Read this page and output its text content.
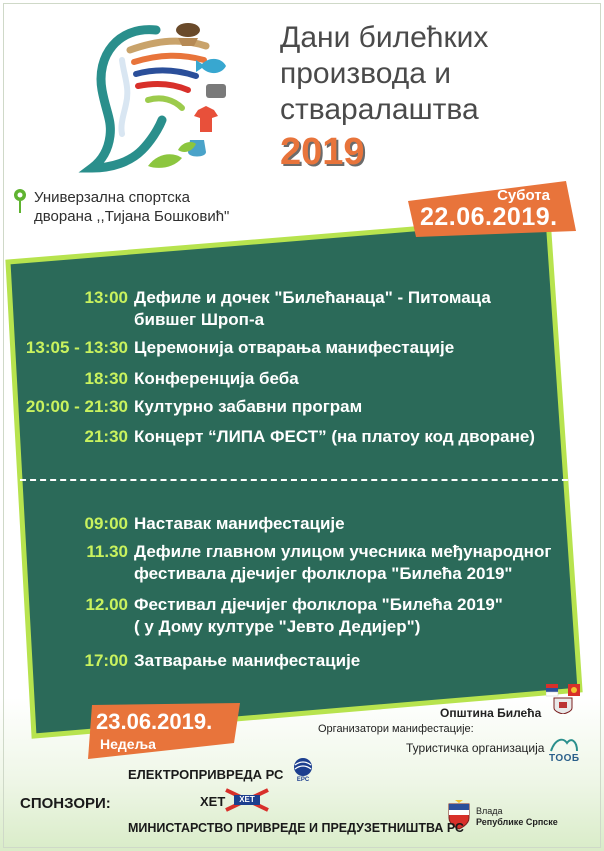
Дани билећких
производа и
стваралаштва
2019
Универзална спортска
дворана ,,Тијана Бошковић"
Субота
22.06.2019.
23.06.2019.
Недеља
13:00 Дефиле и дочек "Билећанаца" - Питомаца
бившег Шроп-а
13:05 - 13:30 Церемонија отварања манифестације
18:30 Конференција беба
20:00 - 21:30 Културно забавни програм
21:30 Концерт “ЛИПА ФЕСТ” (на платоу код дворане)
09:00 Наставак манифестације
11.30 Дефиле главном улицом учесника међународног
фестивала дјечијег фолклора "Билећа 2019"
12.00 Фестивал дјечијег фолклора "Билећа 2019"
( у Дому културе "Јевто Дедијер")
17:00 Затварање манифестације
Општина Билећа
Организатори манифестације:
Туристичка организација
ТООБ
ЕЛЕКТРОПРИВРЕДА РС	EPC
СПОНЗОРИ:	ХЕТ	ХЕТ
Влада
Републике Српске
МИНИСТАРСТВО ПРИВРЕДЕ И ПРЕДУЗЕТНИШТВА РС
